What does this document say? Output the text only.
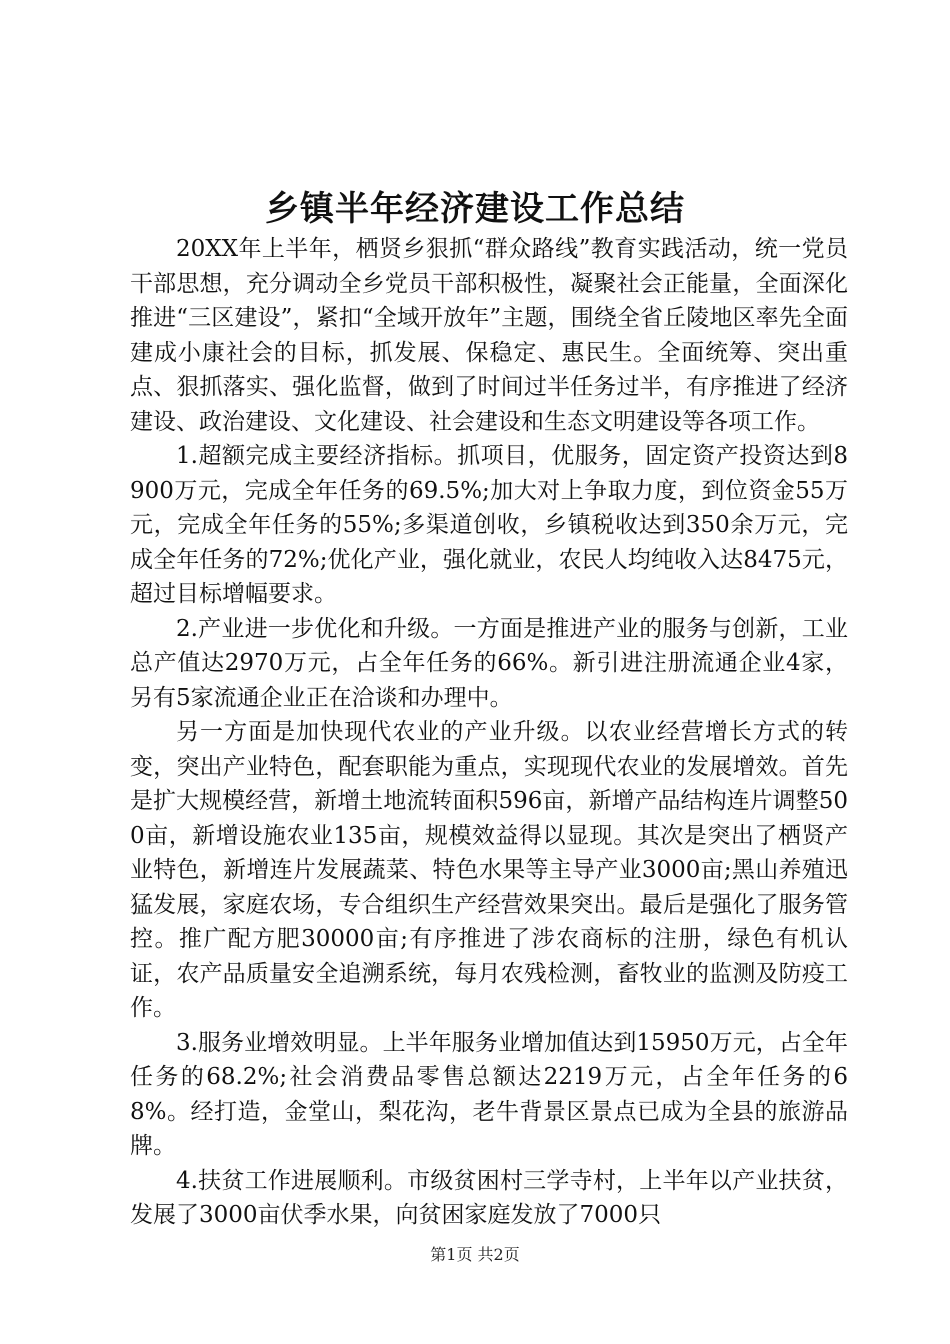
乡镇半年经济建设工作总结

20XX年上半年，栖贤乡狠抓“群众路线”教育实践活动，统一党员干部思想，充分调动全乡党员干部积极性，凝聚社会正能量，全面深化推进“三区建设”，紧扣“全域开放年”主题，围绕全省丘陵地区率先全面建成小康社会的目标，抓发展、保稳定、惠民生。全面统筹、突出重点、狠抓落实、强化监督，做到了时间过半任务过半，有序推进了经济建设、政治建设、文化建设、社会建设和生态文明建设等各项工作。

1.超额完成主要经济指标。抓项目，优服务，固定资产投资达到8900万元，完成全年任务的69.5%;加大对上争取力度，到位资金55万元，完成全年任务的55%;多渠道创收，乡镇税收达到350余万元，完成全年任务的72%;优化产业，强化就业，农民人均纯收入达8475元，超过目标增幅要求。

2.产业进一步优化和升级。一方面是推进产业的服务与创新，工业总产值达2970万元，占全年任务的66%。新引进注册流通企业4家，另有5家流通企业正在洽谈和办理中。

另一方面是加快现代农业的产业升级。以农业经营增长方式的转变，突出产业特色，配套职能为重点，实现现代农业的发展增效。首先是扩大规模经营，新增土地流转面积596亩，新增产品结构连片调整500亩，新增设施农业135亩，规模效益得以显现。其次是突出了栖贤产业特色，新增连片发展蔬菜、特色水果等主导产业3000亩;黑山养殖迅猛发展，家庭农场，专合组织生产经营效果突出。最后是强化了服务管控。推广配方肥30000亩;有序推进了涉农商标的注册，绿色有机认证，农产品质量安全追溯系统，每月农残检测，畜牧业的监测及防疫工作。

3.服务业增效明显。上半年服务业增加值达到15950万元，占全年任务的68.2%;社会消费品零售总额达2219万元，占全年任务的68%。经打造，金堂山，梨花沟，老牛背景区景点已成为全县的旅游品牌。

4.扶贫工作进展顺利。市级贫困村三学寺村，上半年以产业扶贫，发展了3000亩伏季水果，向贫困家庭发放了7000只

第1页 共2页
